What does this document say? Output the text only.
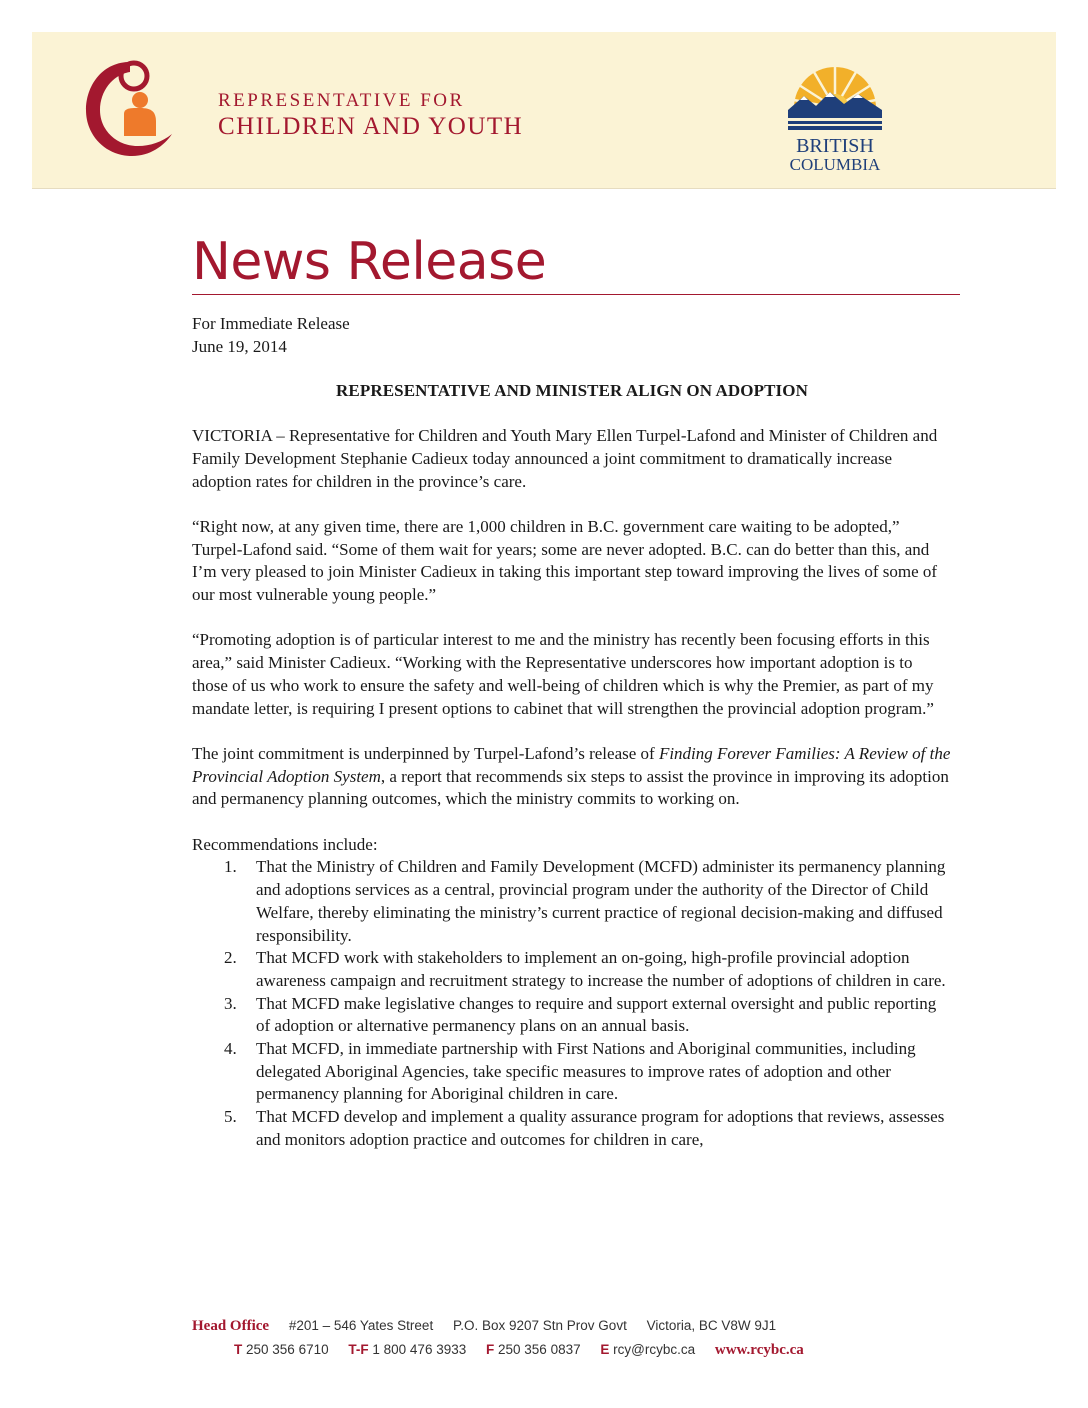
REPRESENTATIVE FOR
CHILDREN AND YOUTH
BRITISH
COLUMBIA
News Release

For Immediate Release

June 19, 2014

REPRESENTATIVE AND MINISTER ALIGN ON ADOPTION

VICTORIA – Representative for Children and Youth Mary Ellen Turpel-Lafond and Minister of Children and Family Development Stephanie Cadieux today announced a joint commitment to dramatically increase adoption rates for children in the province’s care.

“Right now, at any given time, there are 1,000 children in B.C. government care waiting to be adopted,” Turpel-Lafond said. “Some of them wait for years; some are never adopted. B.C. can do better than this, and I’m very pleased to join Minister Cadieux in taking this important step toward improving the lives of some of our most vulnerable young people.”

“Promoting adoption is of particular interest to me and the ministry has recently been focusing efforts in this area,” said Minister Cadieux. “Working with the Representative underscores how important adoption is to those of us who work to ensure the safety and well-being of children which is why the Premier, as part of my mandate letter, is requiring I present options to cabinet that will strengthen the provincial adoption program.”

The joint commitment is underpinned by Turpel-Lafond’s release of Finding Forever Families: A Review of the Provincial Adoption System, a report that recommends six steps to assist the province in improving its adoption and permanency planning outcomes, which the ministry commits to working on.

Recommendations include:

1. That the Ministry of Children and Family Development (MCFD) administer its permanency planning and adoptions services as a central, provincial program under the authority of the Director of Child Welfare, thereby eliminating the ministry’s current practice of regional decision-making and diffused responsibility.
2. That MCFD work with stakeholders to implement an on-going, high-profile provincial adoption awareness campaign and recruitment strategy to increase the number of adoptions of children in care.
3. That MCFD make legislative changes to require and support external oversight and public reporting of adoption or alternative permanency plans on an annual basis.
4. That MCFD, in immediate partnership with First Nations and Aboriginal communities, including delegated Aboriginal Agencies, take specific measures to improve rates of adoption and other permanency planning for Aboriginal children in care.
5. That MCFD develop and implement a quality assurance program for adoptions that reviews, assesses and monitors adoption practice and outcomes for children in care,
Head Office #201 – 546 Yates Street P.O. Box 9207 Stn Prov Govt Victoria, BC V8W 9J1
T 250 356 6710 T-F 1 800 476 3933 F 250 356 0837 E rcy@rcybc.ca www.rcybc.ca
